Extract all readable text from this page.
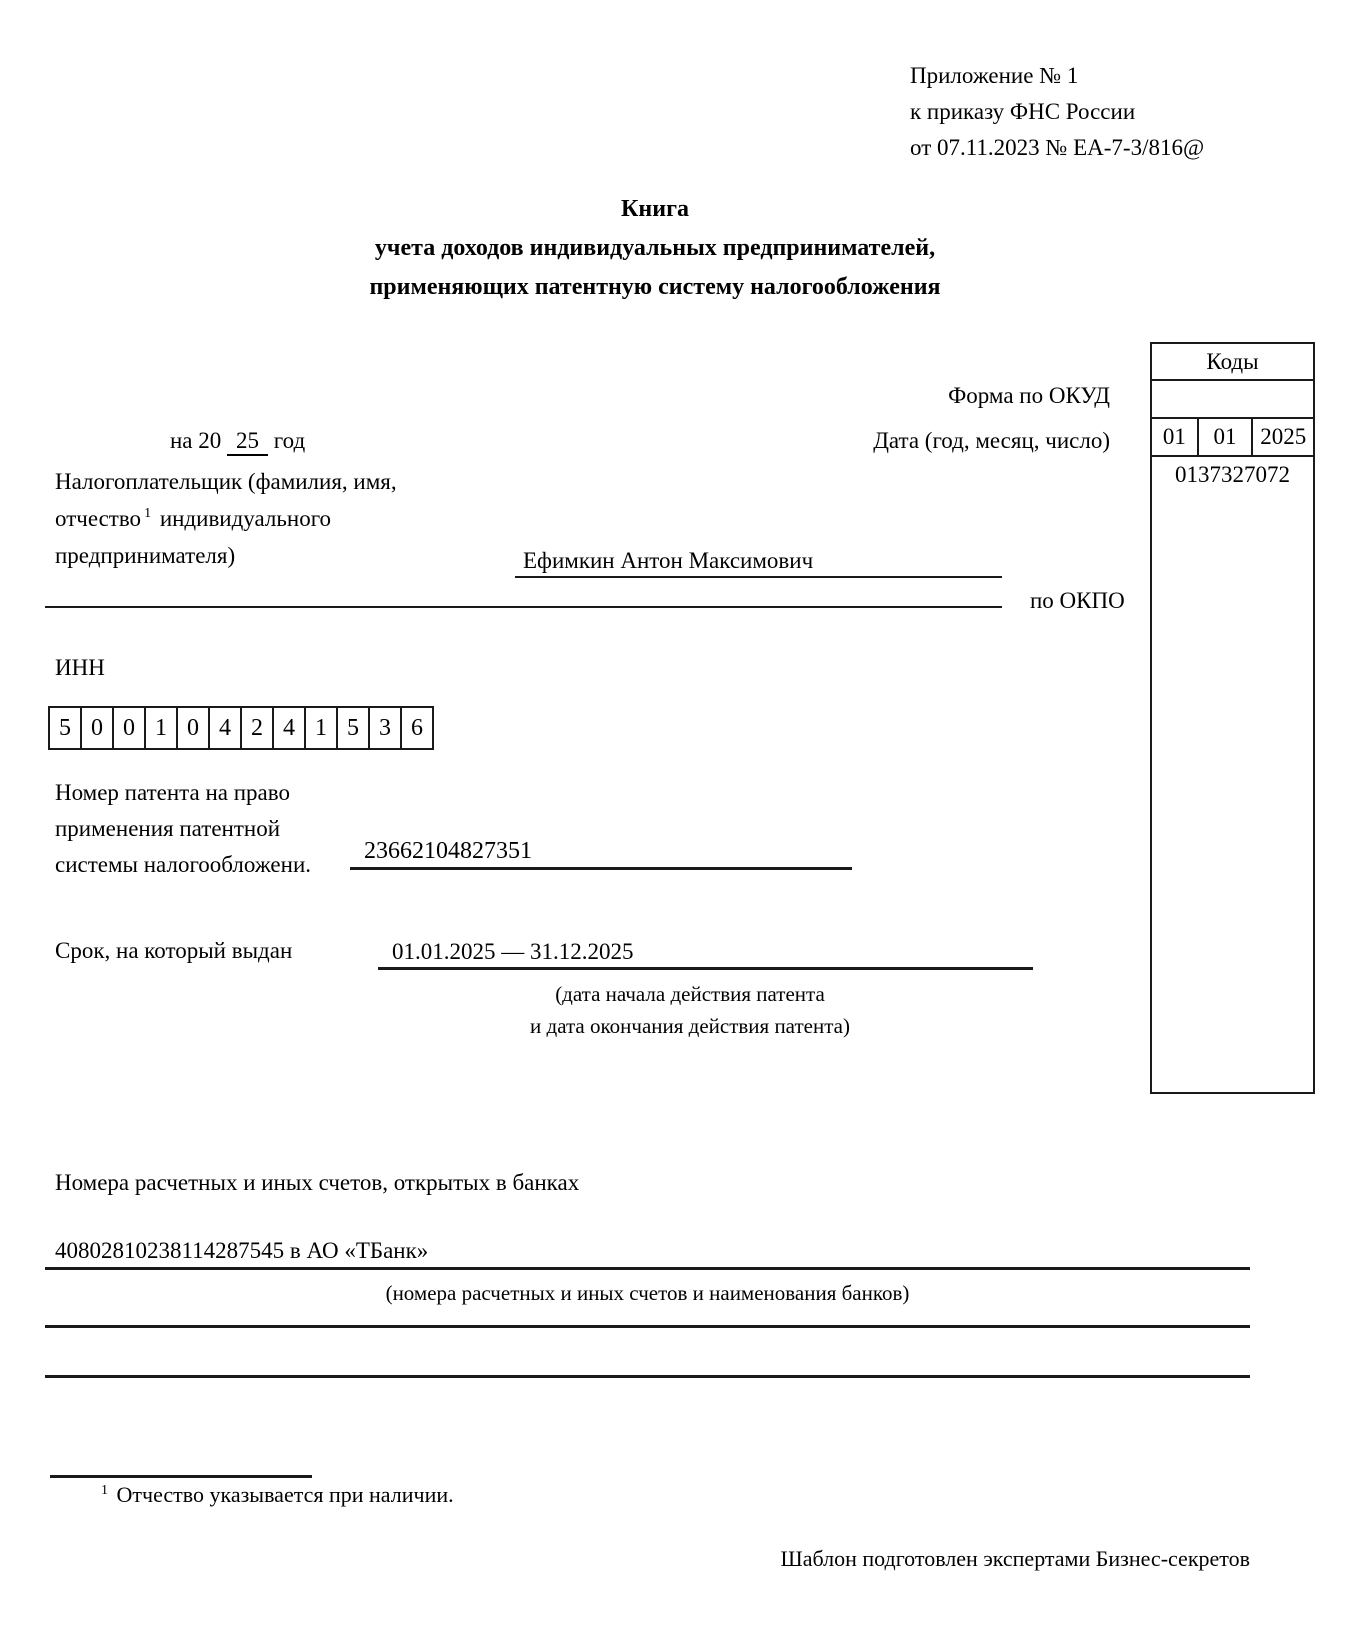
Приложение № 1
к приказу ФНС России
от 07.11.2023 № ЕА-7-3/816@
Книга
учета доходов индивидуальных предпринимателей,
применяющих патентную систему налогообложения
Коды
01	01	2025
0137327072
Форма по ОКУД
Дата (год, месяц, число)
на 20 25 год
Налогоплательщик (фамилия, имя,
отчество $^1$ индивидуального
предпринимателя)	Ефимкин Антон Максимович
по ОКПО
ИНН
5 0 0 1 0 4 2 4 1 5 3 6
Номер патента на право
применения патентной
системы налогообложени.
23662104827351
Срок, на который выдан	01.01.2025 — 31.12.2025
(дата начала действия патента
и дата окончания действия патента)
Номера расчетных и иных счетов, открытых в банках
40802810238114287545 в АО «ТБанк»
(номера расчетных и иных счетов и наименования банков)
$^1$ Отчество указывается при наличии.
Шаблон подготовлен экспертами Бизнес-секретов
